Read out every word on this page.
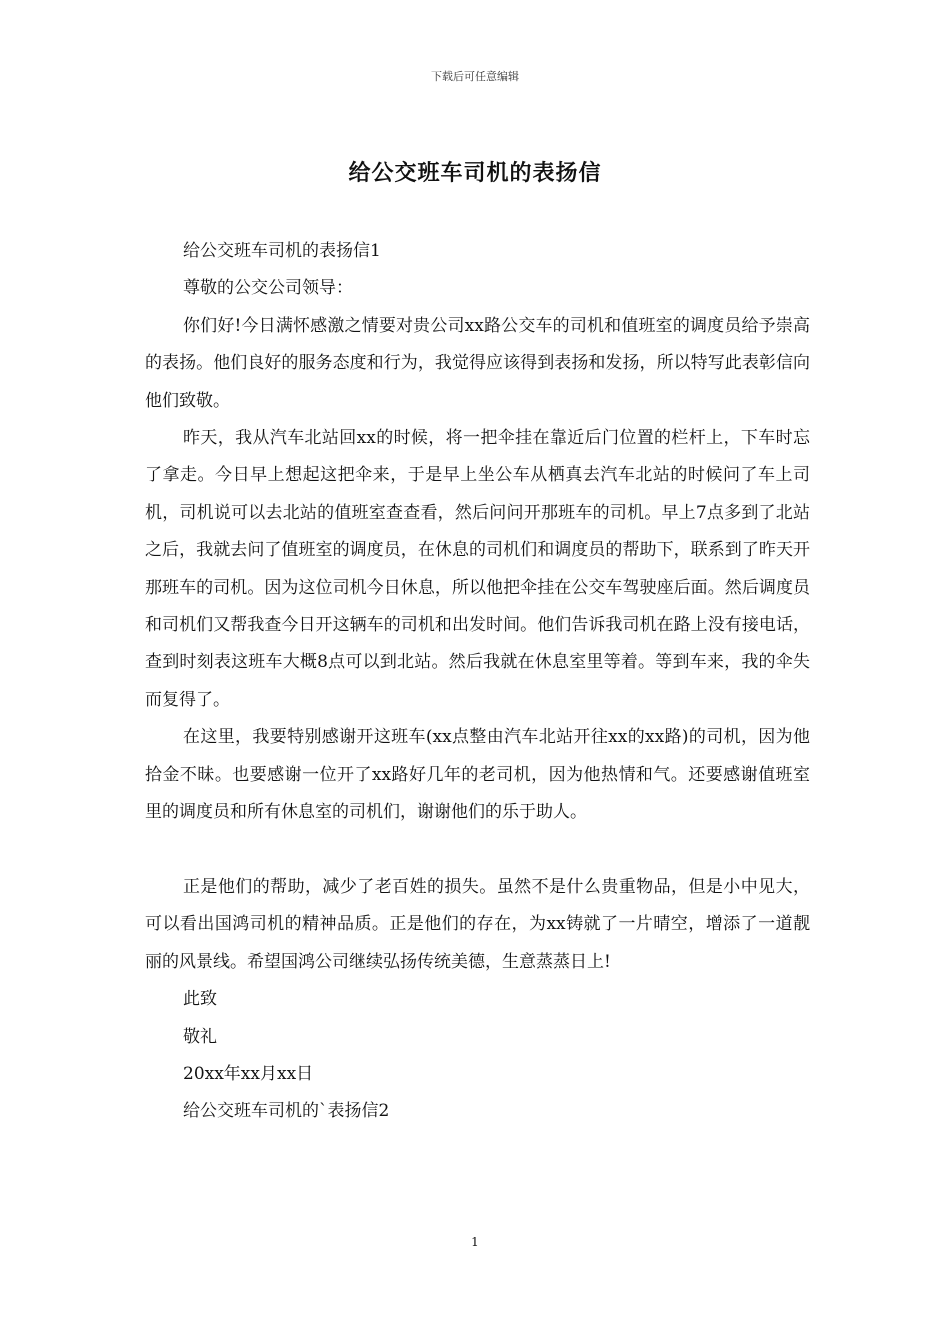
下载后可任意编辑
给公交班车司机的表扬信

给公交班车司机的表扬信1

尊敬的公交公司领导：

你们好!今日满怀感激之情要对贵公司xx路公交车的司机和值班室的调度员给予崇高的表扬。他们良好的服务态度和行为，我觉得应该得到表扬和发扬，所以特写此表彰信向他们致敬。

昨天，我从汽车北站回xx的时候，将一把伞挂在靠近后门位置的栏杆上，下车时忘了拿走。今日早上想起这把伞来，于是早上坐公车从栖真去汽车北站的时候问了车上司机，司机说可以去北站的值班室查查看，然后问问开那班车的司机。早上7点多到了北站之后，我就去问了值班室的调度员，在休息的司机们和调度员的帮助下，联系到了昨天开那班车的司机。因为这位司机今日休息，所以他把伞挂在公交车驾驶座后面。然后调度员和司机们又帮我查今日开这辆车的司机和出发时间。他们告诉我司机在路上没有接电话，查到时刻表这班车大概8点可以到北站。然后我就在休息室里等着。等到车来，我的伞失而复得了。

在这里，我要特别感谢开这班车(xx点整由汽车北站开往xx的xx路)的司机，因为他拾金不昧。也要感谢一位开了xx路好几年的老司机，因为他热情和气。还要感谢值班室里的调度员和所有休息室的司机们，谢谢他们的乐于助人。

正是他们的帮助，减少了老百姓的损失。虽然不是什么贵重物品，但是小中见大，可以看出国鸿司机的精神品质。正是他们的存在，为xx铸就了一片晴空，增添了一道靓丽的风景线。希望国鸿公司继续弘扬传统美德，生意蒸蒸日上!

此致

敬礼

20xx年xx月xx日

给公交班车司机的`表扬信2

1
